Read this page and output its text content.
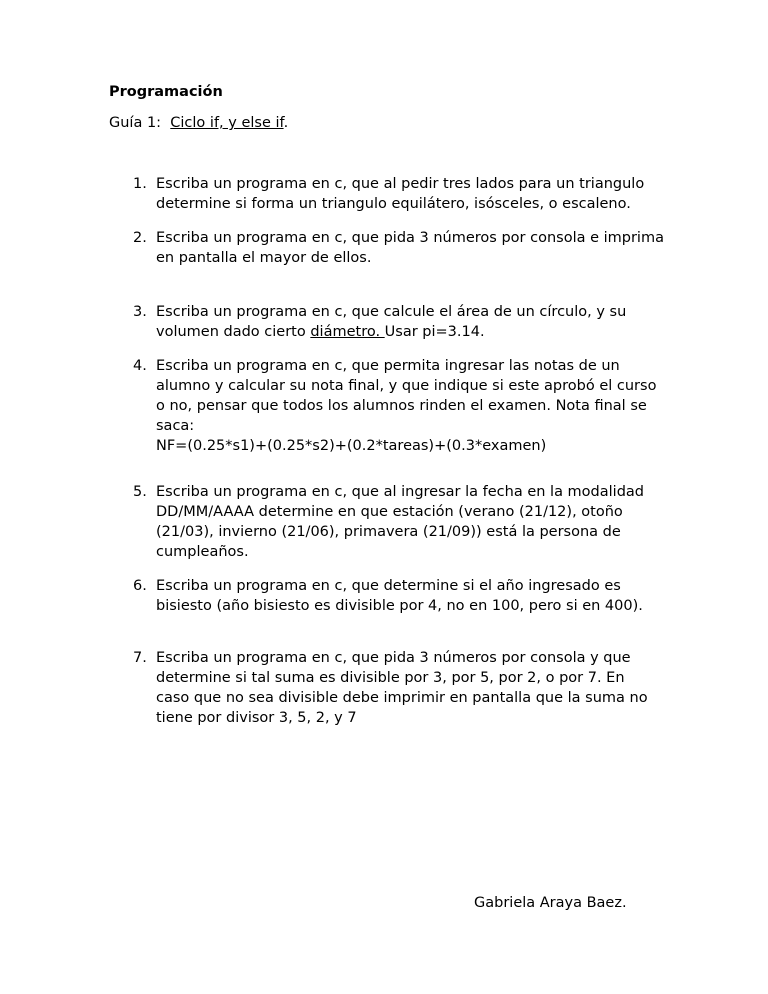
Programación

Guía 1:  Ciclo if, y else if.

1. Escriba un programa en c, que al pedir tres lados para un triangulo
determine si forma un triangulo equilátero, isósceles, o escaleno.
2. Escriba un programa en c, que pida 3 números por consola e imprima
en pantalla el mayor de ellos.
3. Escriba un programa en c, que calcule el área de un círculo, y su
volumen dado cierto diámetro. Usar pi=3.14.
4. Escriba un programa en c, que permita ingresar las notas de un
alumno y calcular su nota final, y que indique si este aprobó el curso
o no, pensar que todos los alumnos rinden el examen. Nota final se
saca:
NF=(0.25*s1)+(0.25*s2)+(0.2*tareas)+(0.3*examen)
5. Escriba un programa en c, que al ingresar la fecha en la modalidad
DD/MM/AAAA determine en que estación (verano (21/12), otoño
(21/03), invierno (21/06), primavera (21/09)) está la persona de
cumpleaños.
6. Escriba un programa en c, que determine si el año ingresado es
bisiesto (año bisiesto es divisible por 4, no en 100, pero si en 400).
7. Escriba un programa en c, que pida 3 números por consola y que
determine si tal suma es divisible por 3, por 5, por 2, o por 7. En
caso que no sea divisible debe imprimir en pantalla que la suma no
tiene por divisor 3, 5, 2, y 7

Gabriela Araya Baez.
